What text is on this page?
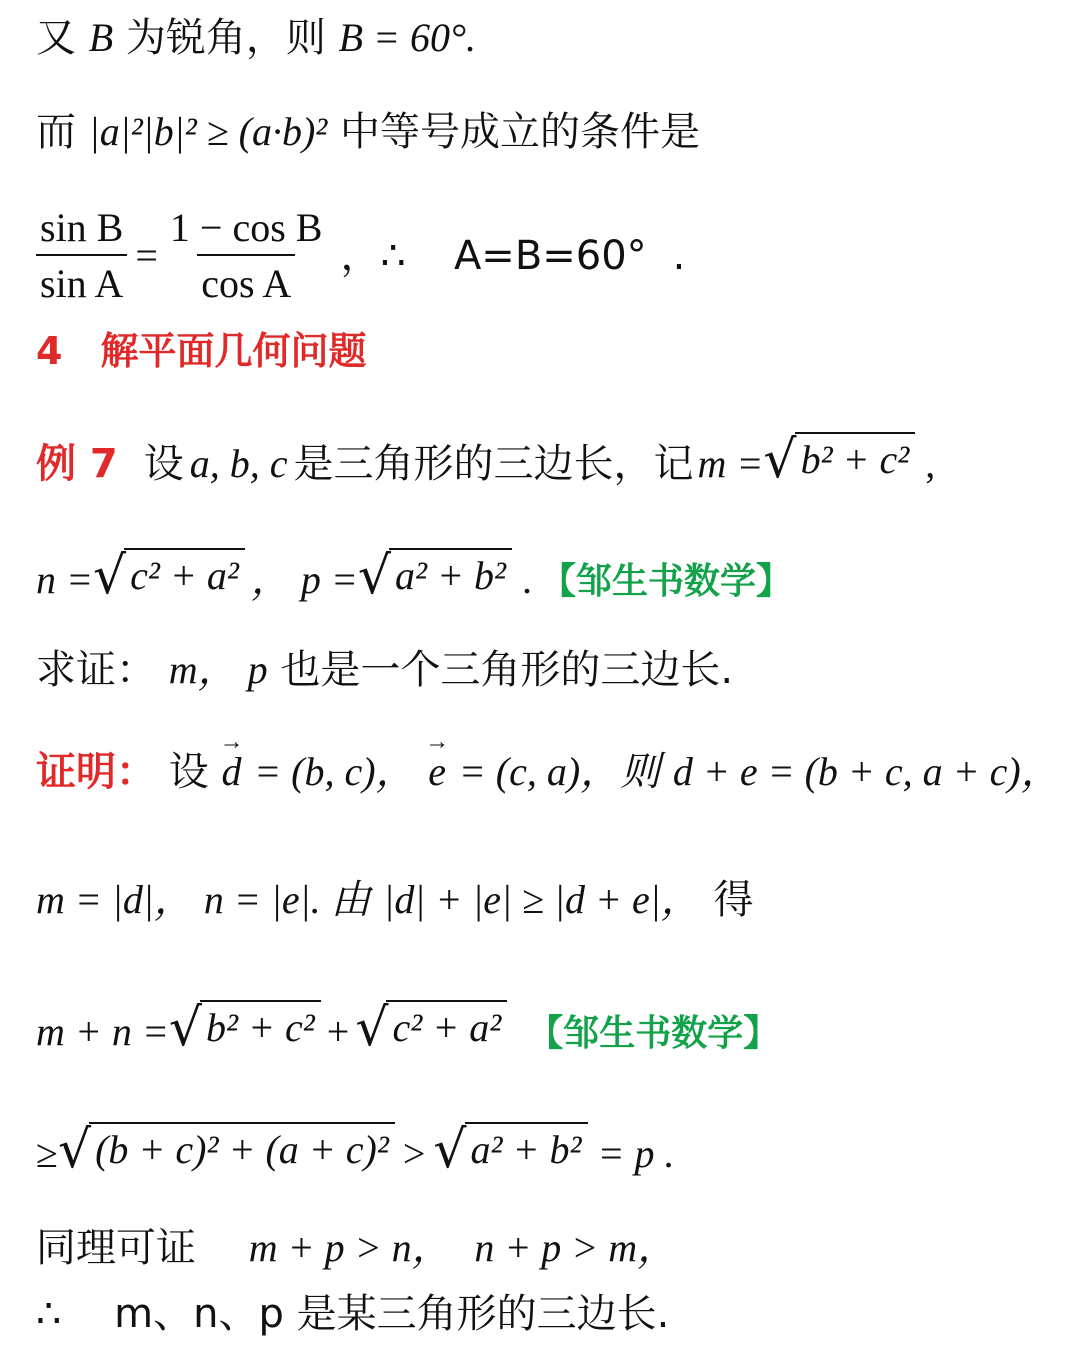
又 B 为锐角，则 B = 60°.
而 |a|²|b|² ≥ (a·b)² 中等号成立的条件是
$\frac{\text{sin B}}{\text{sin A}} = \frac{\text{1 − cos B}}{\text{cos A}}$ ，∴ A=B=60° .
4　解平面几何问题
例 7 设 a, b, c 是三角形的三边长，记 m = √ b² + c² ,
n = √ c² + a² ， p = √ a² + b² . 【邹生书数学】
求证： m， p 也是一个三角形的三边长.
证明： 设 → d = (b, c)， → e = (c, a)，则 d + e = (b + c, a + c)，
m = |d|， n = |e|. 由 |d| + |e| ≥ |d + e|， 得
m + n = √ b² + c² + √ c² + a² 【邹生书数学】
≥ √ (b + c)² + (a + c)² > √ a² + b² = p .
同理可证 m + p > n， n + p > m，
∴ m、n、p 是某三角形的三边长.
